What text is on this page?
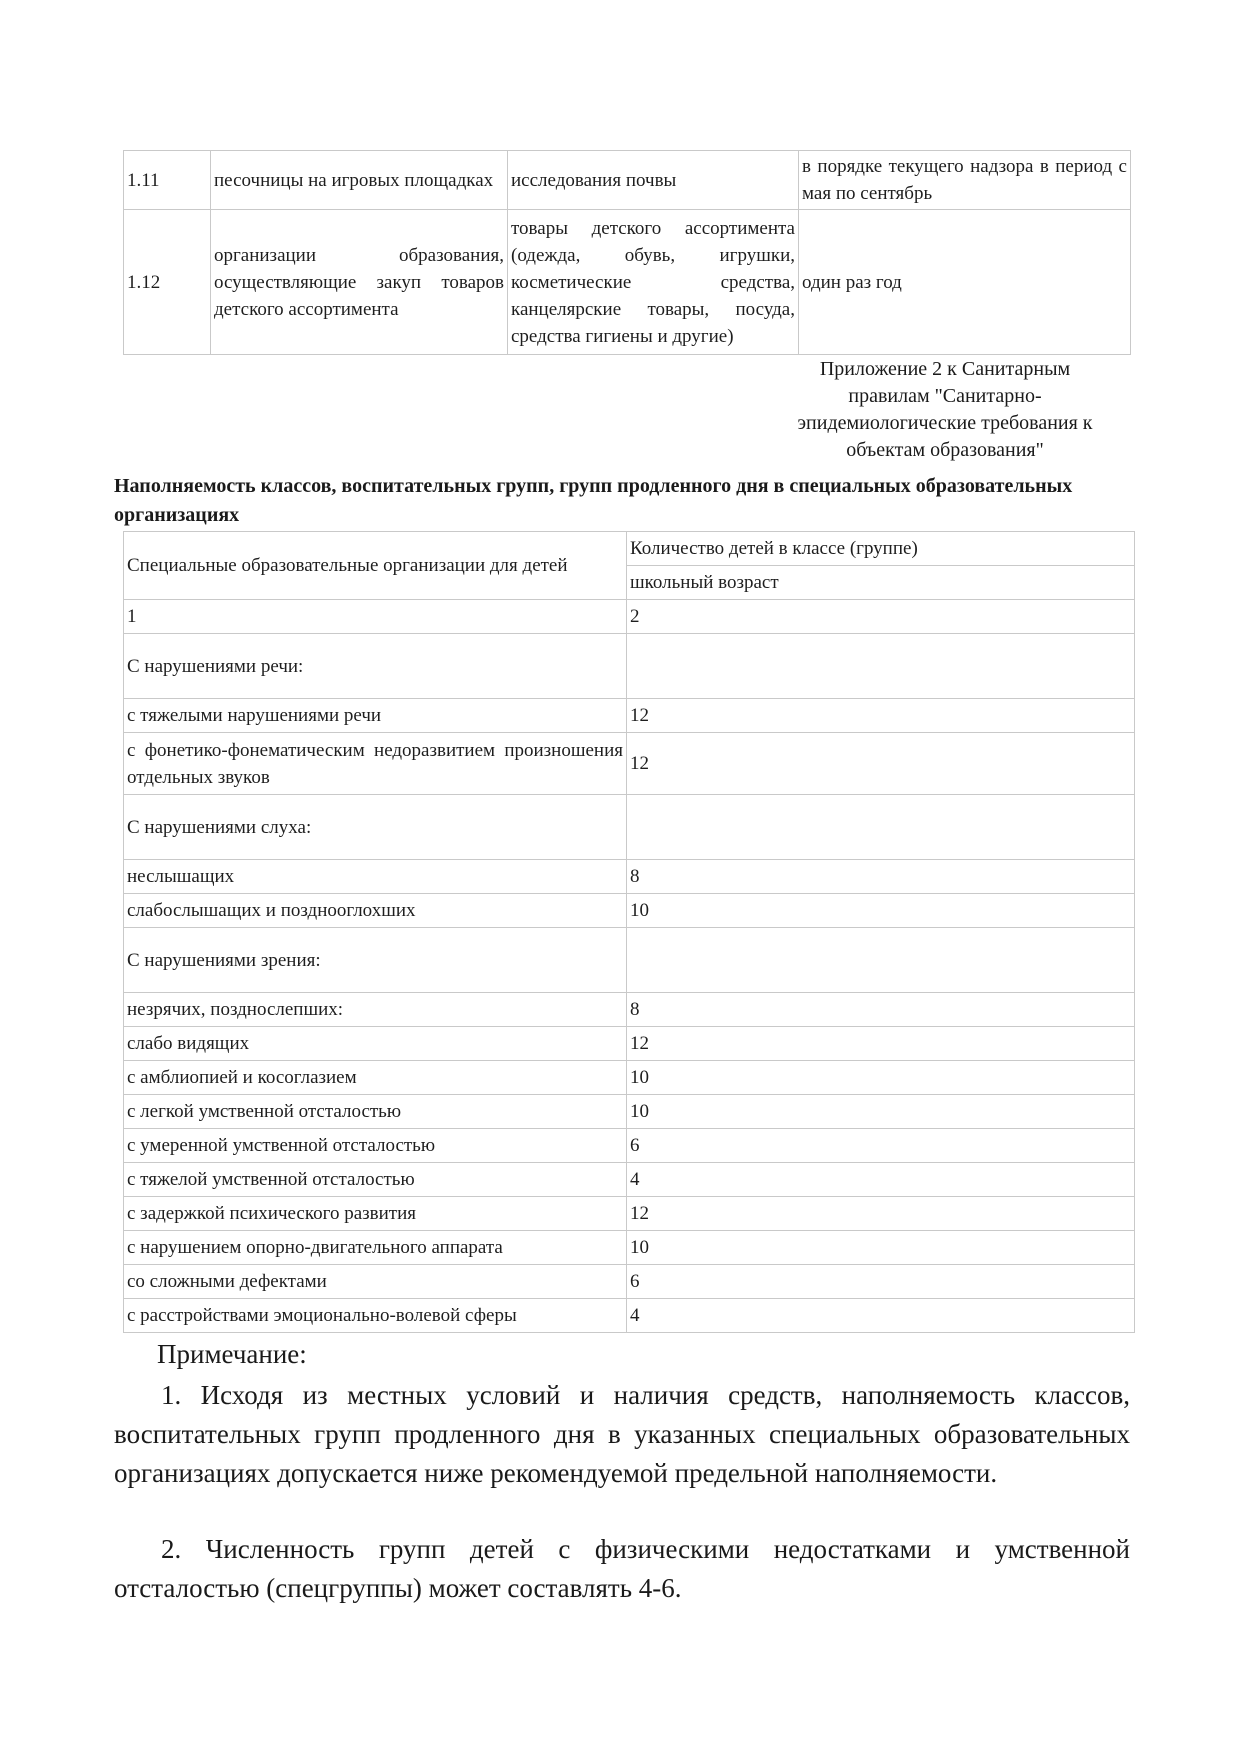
1.11	песочницы на игровых площадках	исследования почвы	в порядке текущего надзора в период с мая по сентябрь
1.12	организации образования, осуществляющие закуп товаров детского ассортимента	товары детского ассортимента (одежда, обувь, игрушки, косметические средства, канцелярские товары, посуда, средства гигиены и другие)	один раз год
Приложение 2 к Санитарным правилам "Санитарно-эпидемиологические требования к объектам образования"
Наполняемость классов, воспитательных групп, групп продленного дня в специальных образовательных организациях
Специальные образовательные организации для детей	Количество детей в классе (группе)
	школьный возраст
1	2
С нарушениями речи:	
с тяжелыми нарушениями речи	12
с фонетико-фонематическим недоразвитием произношения отдельных звуков	12
С нарушениями слуха:	
неслышащих	8
слабослышащих и позднооглохших	10
С нарушениями зрения:	
незрячих, позднослепших:	8
слабо видящих	12
с амблиопией и косоглазием	10
с легкой умственной отсталостью	10
с умеренной умственной отсталостью	6
с тяжелой умственной отсталостью	4
с задержкой психического развития	12
с нарушением опорно-двигательного аппарата	10
со сложными дефектами	6
с расстройствами эмоционально-волевой сферы	4
Примечание:

1. Исходя из местных условий и наличия средств, наполняемость классов, воспитательных групп продленного дня в указанных специальных образовательных организациях допускается ниже рекомендуемой предельной наполняемости.

2. Численность групп детей с физическими недостатками и умственной отсталостью (спецгруппы) может составлять 4-6.
